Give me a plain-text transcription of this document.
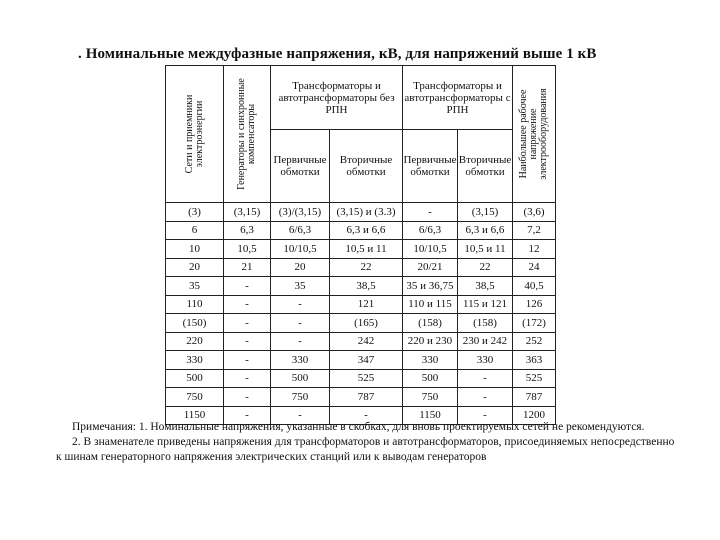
. Номинальные междуфазные напряжения, кВ, для напряжений выше 1 кВ
Сети и приемники электроэнергии	Генераторы и синхронные компенсаторы	Трансформаторы и автотрансформаторы без РПН		Трансформаторы и автотрансформаторы с РПН		Наибольшее рабочее напряжение электрооборудования

		Первичные обмотки	Вторичные обмотки	Первичные обмотки	Вторичные обмотки	
(3)	(3,15)	(3)/(3,15)	(3,15) и (3.3)	-	(3,15)	(3,6)
6	6,3	6/6,3	6,3 и 6,6	6/6,3	6,3 и 6,6	7,2
10	10,5	10/10,5	10,5 и 11	10/10,5	10,5 и 11	12
20	21	20	22	20/21	22	24
35	-	35	38,5	35 и 36,75	38,5	40,5
110	-	-	121	110 и 115	115 и 121	126
(150)	-	-	(165)	(158)	(158)	(172)
220	-	-	242	220 и 230	230 и 242	252
330	-	330	347	330	330	363
500	-	500	525	500	-	525
750	-	750	787	750	-	787
1150	-	-	-	1150	-	1200

Примечания: 1. Номинальные напряжения, указанные в скобках, для вновь проектируемых сетей не рекомендуются.

2. В знаменателе приведены напряжения для трансформаторов и автотрансформаторов, присоединяемых непосредственно к шинам генераторного напряжения электрических станций или к выводам генераторов
